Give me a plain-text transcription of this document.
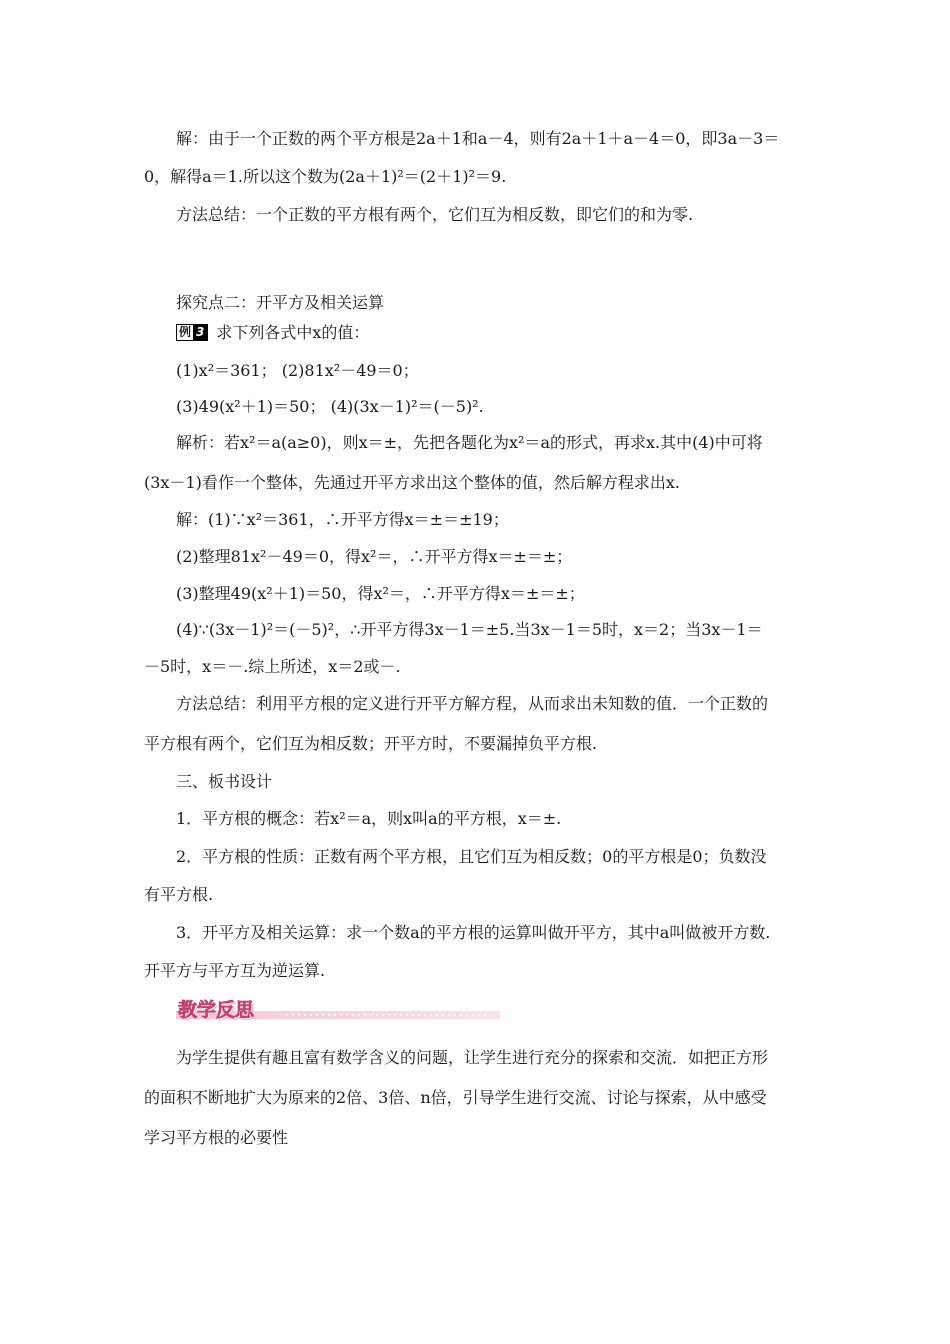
解：由于一个正数的两个平方根是2a＋1和a－4，则有2a＋1＋a－4＝0，即3a－3＝
0，解得a＝1.所以这个数为(2a＋1)²＝(2＋1)²＝9.
方法总结：一个正数的平方根有两个，它们互为相反数，即它们的和为零.
探究点二：开平方及相关运算
例 3 求下列各式中x的值：
(1)x²＝361； (2)81x²－49＝0；
(3)49(x²＋1)＝50； (4)(3x－1)²＝(－5)².
解析：若x²＝a(a≥0)，则x＝±，先把各题化为x²＝a的形式，再求x.其中(4)中可将
(3x－1)看作一个整体，先通过开平方求出这个整体的值，然后解方程求出x.
解：(1)∵x²＝361，∴开平方得x＝±＝±19；
(2)整理81x²－49＝0，得x²＝，∴开平方得x＝±＝±；
(3)整理49(x²＋1)＝50，得x²＝，∴开平方得x＝±＝±；
(4)∵(3x－1)²＝(－5)²，∴开平方得3x－1＝±5.当3x－1＝5时，x＝2；当3x－1＝
－5时，x＝－.综上所述，x＝2或－.
方法总结：利用平方根的定义进行开平方解方程，从而求出未知数的值．一个正数的
平方根有两个，它们互为相反数；开平方时，不要漏掉负平方根.
三、板书设计
1．平方根的概念：若x²＝a，则x叫a的平方根，x＝±.
2．平方根的性质：正数有两个平方根，且它们互为相反数；0的平方根是0；负数没
有平方根.
3．开平方及相关运算：求一个数a的平方根的运算叫做开平方，其中a叫做被开方数.
开平方与平方互为逆运算.
教学反思
为学生提供有趣且富有数学含义的问题，让学生进行充分的探索和交流．如把正方形
的面积不断地扩大为原来的2倍、3倍、n倍，引导学生进行交流、讨论与探索，从中感受
学习平方根的必要性
